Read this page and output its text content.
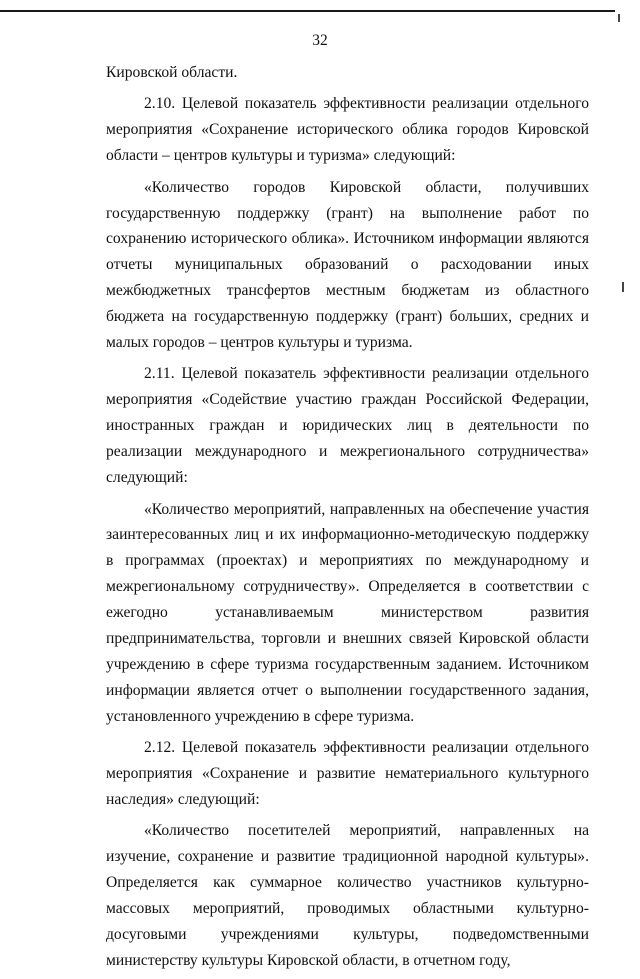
32

Кировской области.

2.10. Целевой показатель эффективности реализации отдельного мероприятия «Сохранение исторического облика городов Кировской области – центров культуры и туризма» следующий:

«Количество городов Кировской области, получивших государственную поддержку (грант) на выполнение работ по сохранению исторического облика». Источником информации являются отчеты муниципальных образований о расходовании иных межбюджетных трансфертов местным бюджетам из областного бюджета на государственную поддержку (грант) больших, средних и малых городов – центров культуры и туризма.

2.11. Целевой показатель эффективности реализации отдельного мероприятия «Содействие участию граждан Российской Федерации, иностранных граждан и юридических лиц в деятельности по реализации международного и межрегионального сотрудничества» следующий:

«Количество мероприятий, направленных на обеспечение участия заинтересованных лиц и их информационно-методическую поддержку в программах (проектах) и мероприятиях по международному и межрегиональному сотрудничеству». Определяется в соответствии с ежегодно устанавливаемым министерством развития предпринимательства, торговли и внешних связей Кировской области учреждению в сфере туризма государственным заданием. Источником информации является отчет о выполнении государственного задания, установленного учреждению в сфере туризма.

2.12. Целевой показатель эффективности реализации отдельного мероприятия «Сохранение и развитие нематериального культурного наследия» следующий:

«Количество посетителей мероприятий, направленных на изучение, сохранение и развитие традиционной народной культуры». Определяется как суммарное количество участников культурно-массовых мероприятий, проводимых областными культурно-досуговыми учреждениями культуры, подведомственными министерству культуры Кировской области, в отчетном году,
